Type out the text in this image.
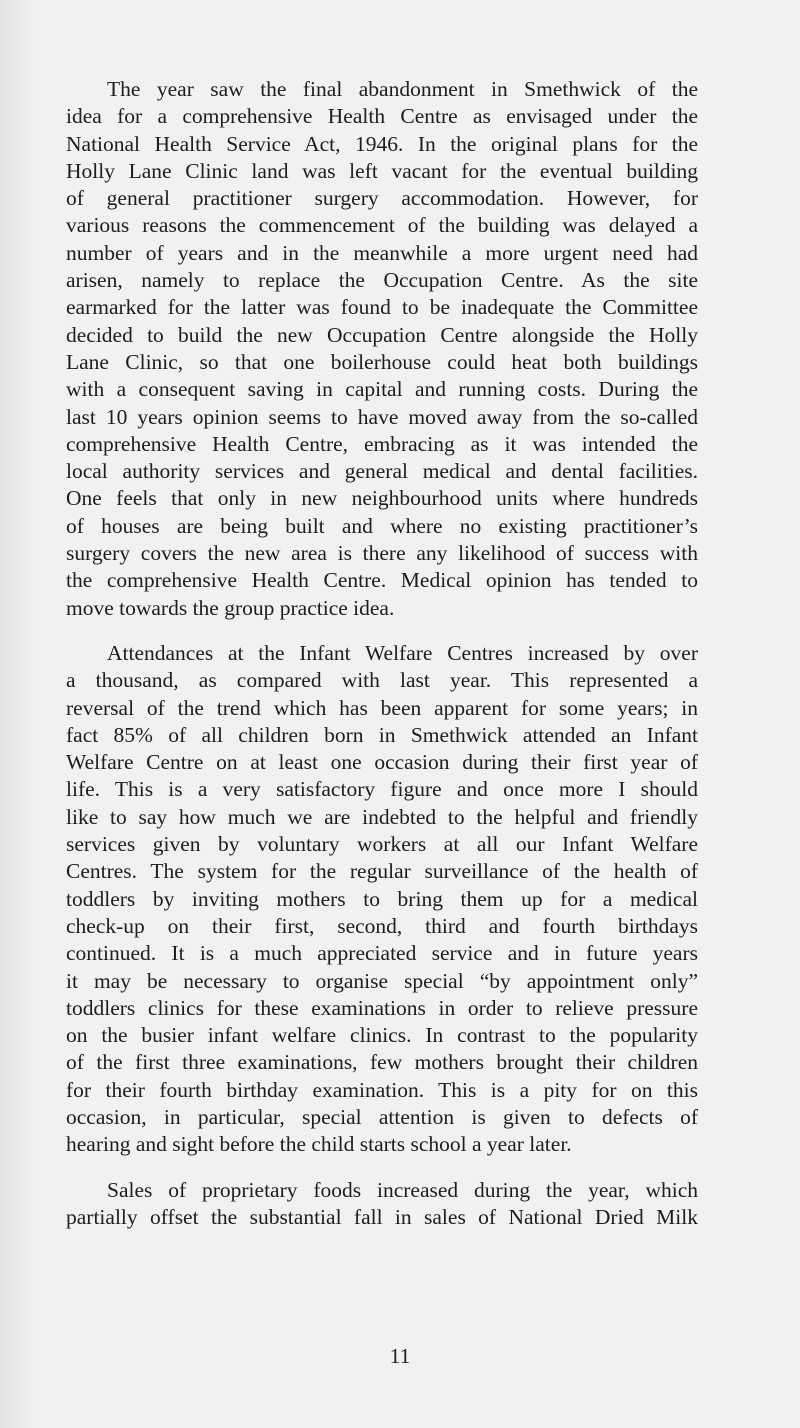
The year saw the final abandonment in Smethwick of the
idea for a comprehensive Health Centre as envisaged under the
National Health Service Act, 1946. In the original plans for the
Holly Lane Clinic land was left vacant for the eventual building
of general practitioner surgery accommodation. However, for
various reasons the commencement of the building was delayed a
number of years and in the meanwhile a more urgent need had
arisen, namely to replace the Occupation Centre. As the site
earmarked for the latter was found to be inadequate the Committee
decided to build the new Occupation Centre alongside the Holly
Lane Clinic, so that one boilerhouse could heat both buildings
with a consequent saving in capital and running costs. During the
last 10 years opinion seems to have moved away from the so-called
comprehensive Health Centre, embracing as it was intended the
local authority services and general medical and dental facilities.
One feels that only in new neighbourhood units where hundreds
of houses are being built and where no existing practitioner’s
surgery covers the new area is there any likelihood of success with
the comprehensive Health Centre. Medical opinion has tended to
move towards the group practice idea.
Attendances at the Infant Welfare Centres increased by over
a thousand, as compared with last year. This represented a
reversal of the trend which has been apparent for some years; in
fact 85% of all children born in Smethwick attended an Infant
Welfare Centre on at least one occasion during their first year of
life. This is a very satisfactory figure and once more I should
like to say how much we are indebted to the helpful and friendly
services given by voluntary workers at all our Infant Welfare
Centres. The system for the regular surveillance of the health of
toddlers by inviting mothers to bring them up for a medical
check-up on their first, second, third and fourth birthdays
continued. It is a much appreciated service and in future years
it may be necessary to organise special “by appointment only”
toddlers clinics for these examinations in order to relieve pressure
on the busier infant welfare clinics. In contrast to the popularity
of the first three examinations, few mothers brought their children
for their fourth birthday examination. This is a pity for on this
occasion, in particular, special attention is given to defects of
hearing and sight before the child starts school a year later.
Sales of proprietary foods increased during the year, which
partially offset the substantial fall in sales of National Dried Milk
11
